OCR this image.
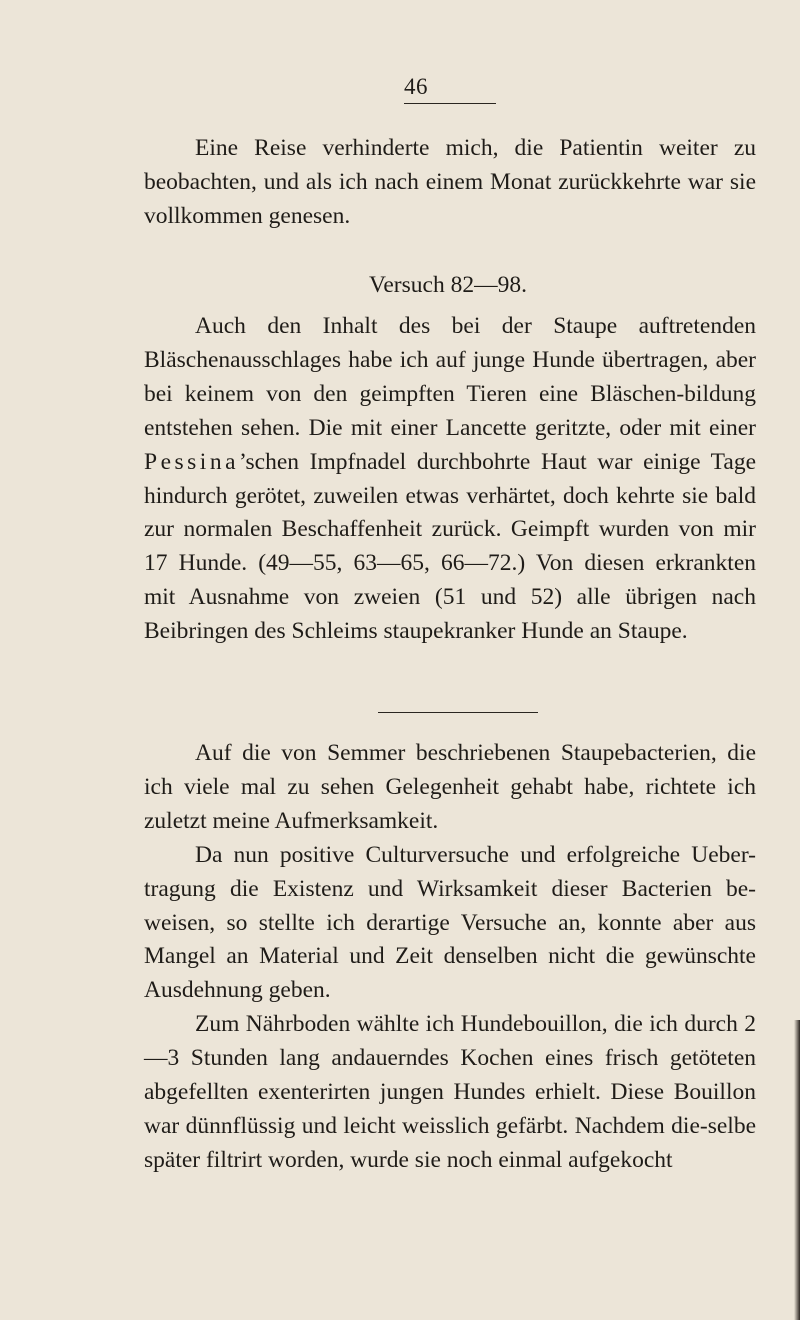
46

Eine Reise verhinderte mich, die Patientin weiter zu beobachten, und als ich nach einem Monat zurückkehrte war sie vollkommen genesen.

Versuch 82—98.

Auch den Inhalt des bei der Staupe auftretenden Bläschenausschlages habe ich auf junge Hunde übertragen, aber bei keinem von den geimpften Tieren eine Bläschen-bildung entstehen sehen. Die mit einer Lancette geritzte, oder mit einer Pessina’schen Impfnadel durchbohrte Haut war einige Tage hindurch gerötet, zuweilen etwas verhärtet, doch kehrte sie bald zur normalen Beschaffenheit zurück. Geimpft wurden von mir 17 Hunde. (49—55, 63—65, 66—72.) Von diesen erkrankten mit Ausnahme von zweien (51 und 52) alle übrigen nach Beibringen des Schleims staupekranker Hunde an Staupe.

Auf die von Semmer beschriebenen Staupebacterien, die ich viele mal zu sehen Gelegenheit gehabt habe, richtete ich zuletzt meine Aufmerksamkeit.

Da nun positive Culturversuche und erfolgreiche Ueber-tragung die Existenz und Wirksamkeit dieser Bacterien be-weisen, so stellte ich derartige Versuche an, konnte aber aus Mangel an Material und Zeit denselben nicht die gewünschte Ausdehnung geben.

Zum Nährboden wählte ich Hundebouillon, die ich durch 2—3 Stunden lang andauerndes Kochen eines frisch getöteten abgefellten exenterirten jungen Hundes erhielt. Diese Bouillon war dünnflüssig und leicht weisslich gefärbt. Nachdem die-selbe später filtrirt worden, wurde sie noch einmal aufgekocht
